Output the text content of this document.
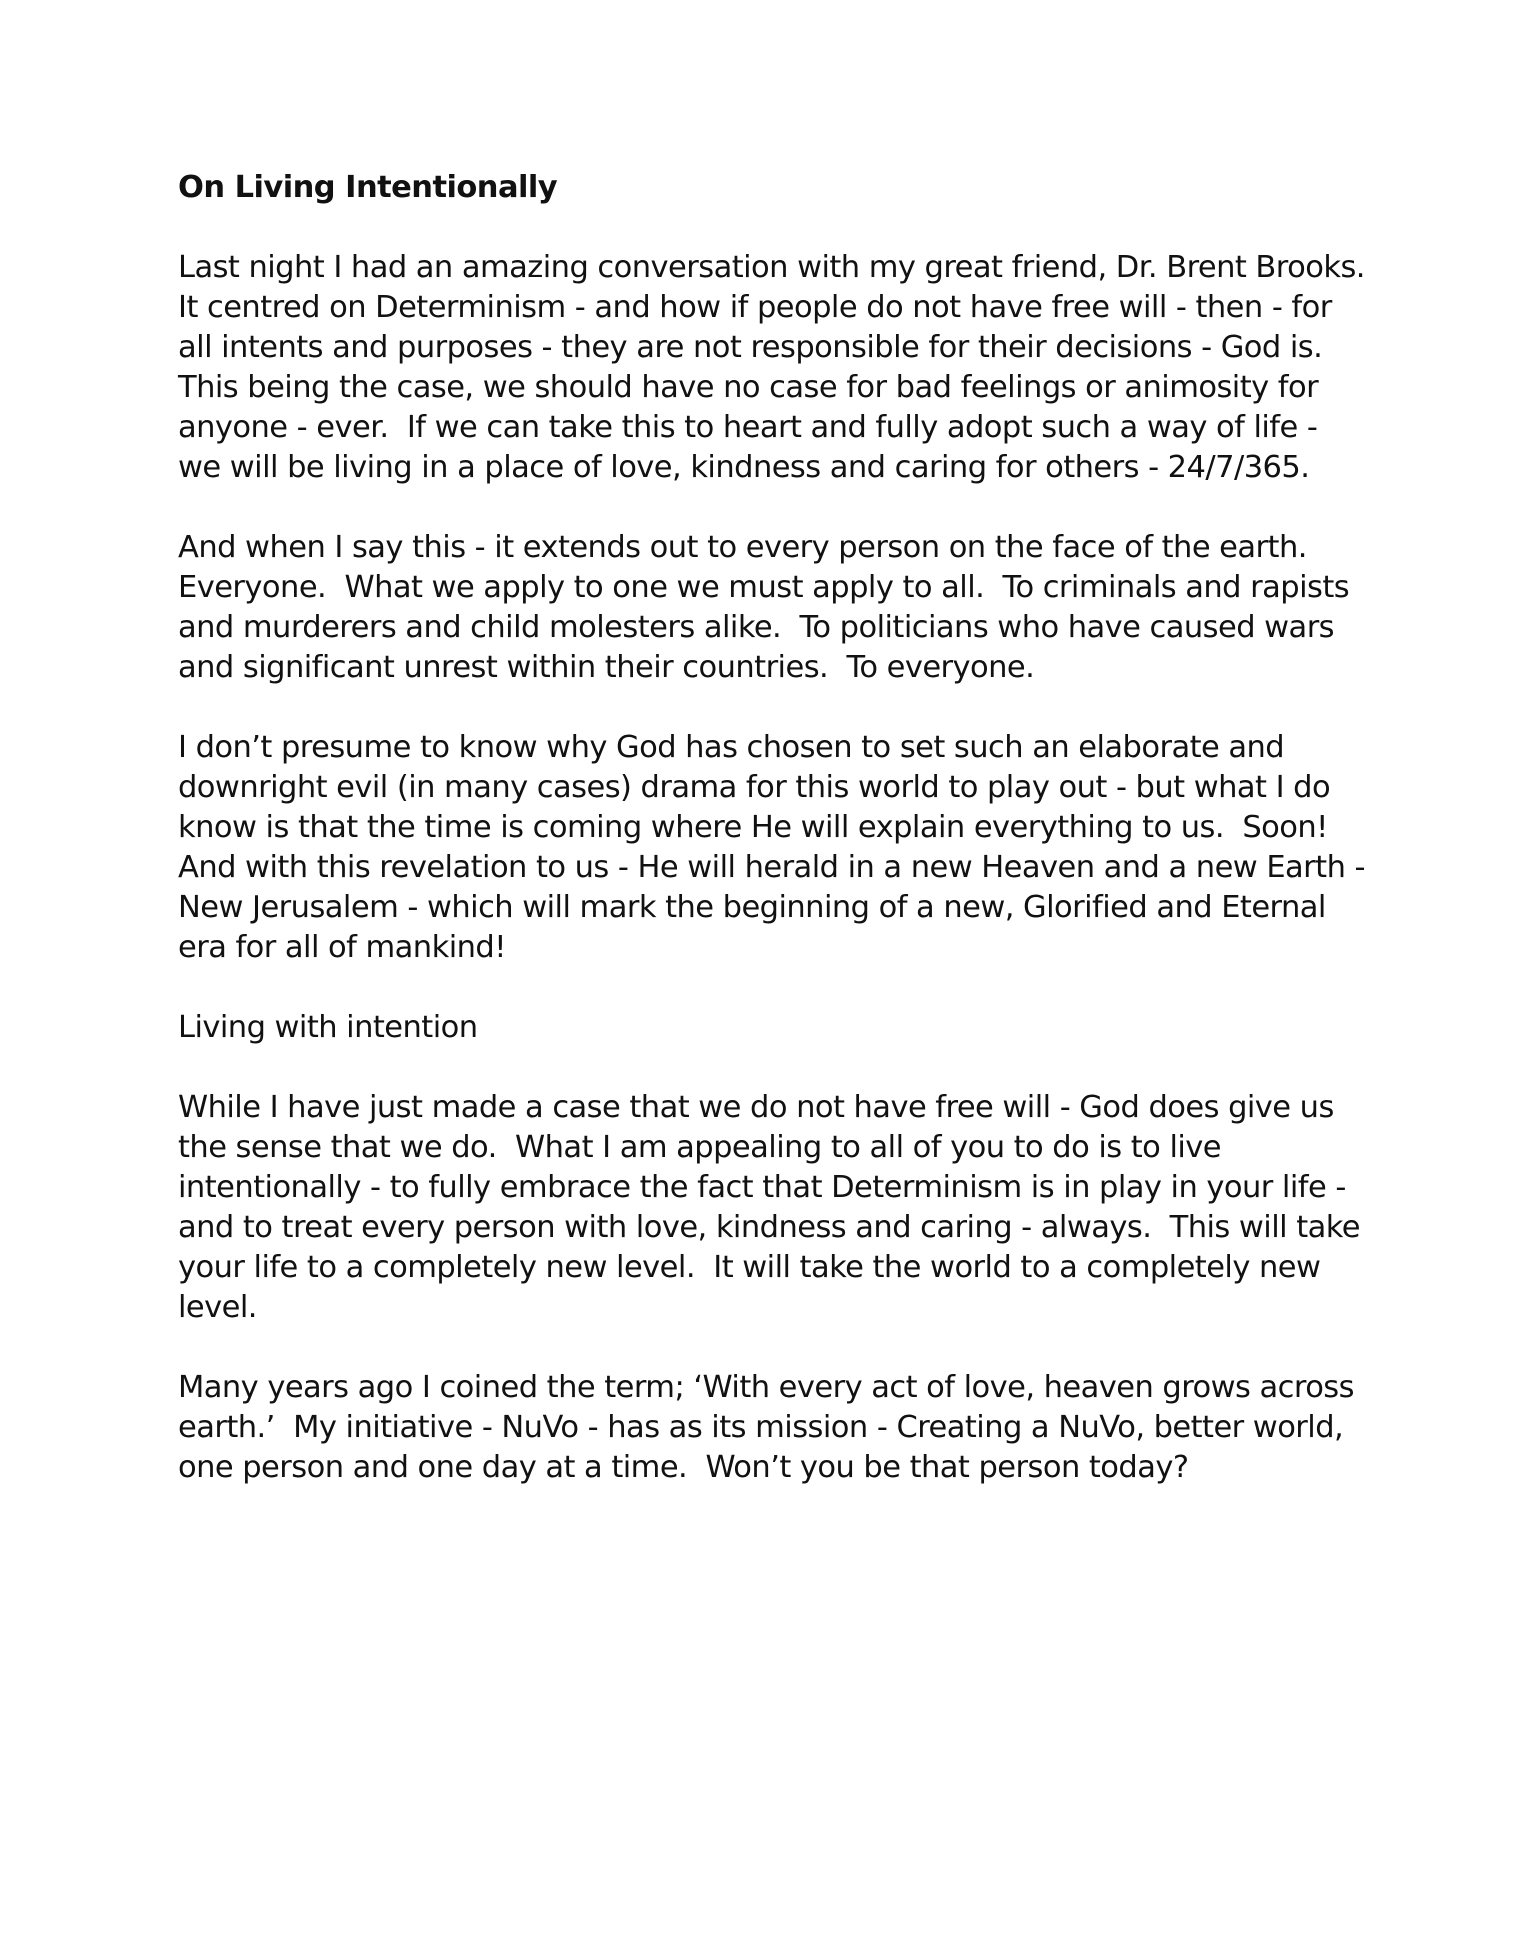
On Living Intentionally
Last night I had an amazing conversation with my great friend, Dr. Brent Brooks.
It centred on Determinism - and how if people do not have free will - then - for
all intents and purposes - they are not responsible for their decisions - God is.
This being the case, we should have no case for bad feelings or animosity for
anyone - ever.  If we can take this to heart and fully adopt such a way of life -
we will be living in a place of love, kindness and caring for others - 24/7/365.
And when I say this - it extends out to every person on the face of the earth.
Everyone.  What we apply to one we must apply to all.  To criminals and rapists
and murderers and child molesters alike.  To politicians who have caused wars
and significant unrest within their countries.  To everyone.
I don’t presume to know why God has chosen to set such an elaborate and
downright evil (in many cases) drama for this world to play out - but what I do
know is that the time is coming where He will explain everything to us.  Soon!
And with this revelation to us - He will herald in a new Heaven and a new Earth -
New Jerusalem - which will mark the beginning of a new, Glorified and Eternal
era for all of mankind!
Living with intention
While I have just made a case that we do not have free will - God does give us
the sense that we do.  What I am appealing to all of you to do is to live
intentionally - to fully embrace the fact that Determinism is in play in your life -
and to treat every person with love, kindness and caring - always.  This will take
your life to a completely new level.  It will take the world to a completely new
level.
Many years ago I coined the term; ‘With every act of love, heaven grows across
earth.’  My initiative - NuVo - has as its mission - Creating a NuVo, better world,
one person and one day at a time.  Won’t you be that person today?
